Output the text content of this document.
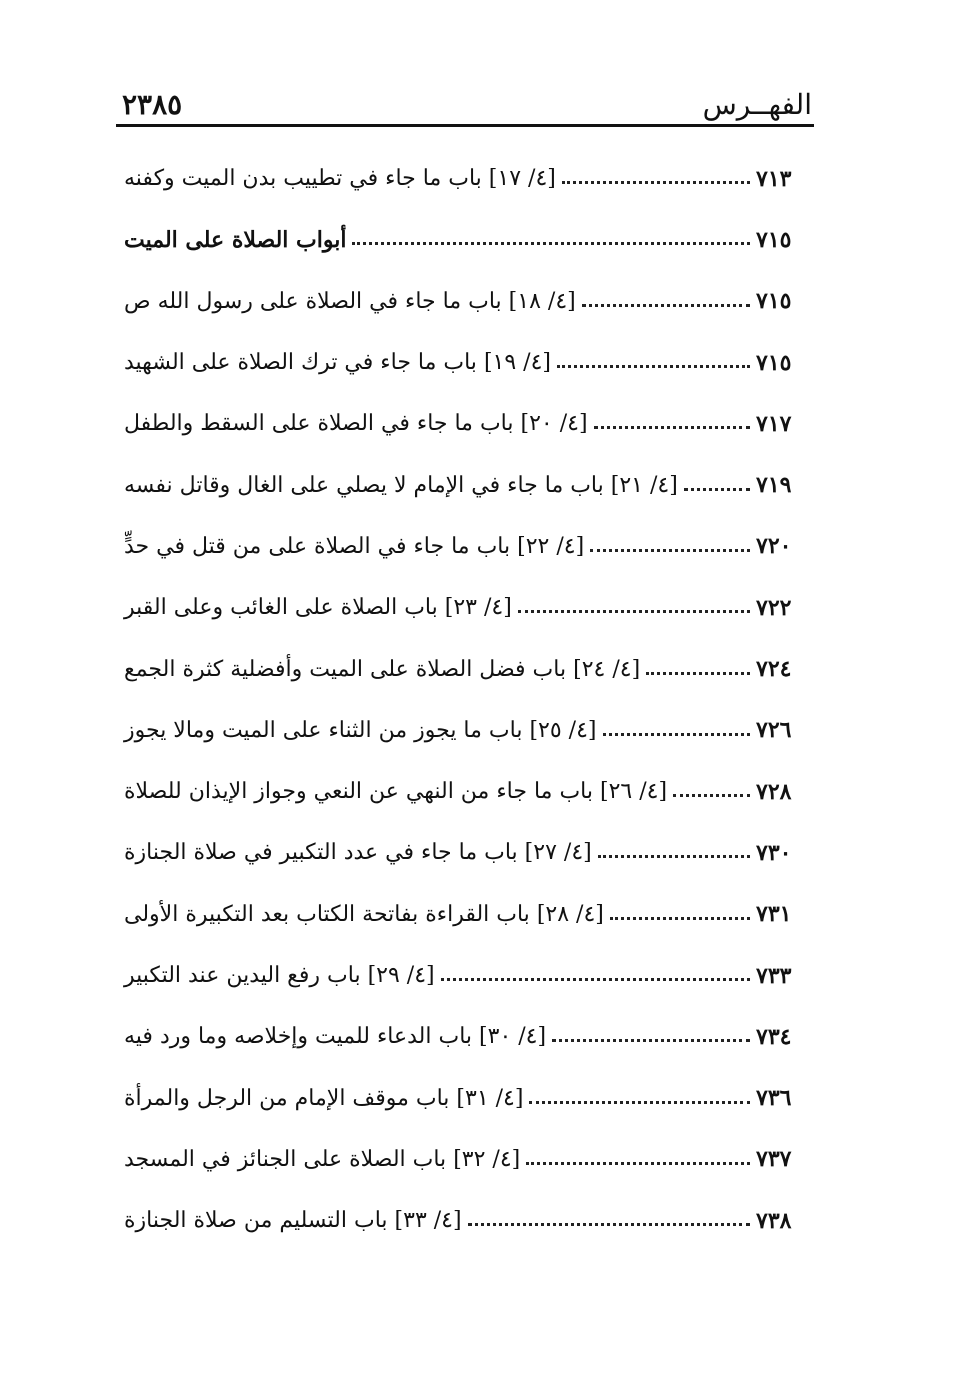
الفهــرس
٢٣٨٥
[٤/ ١٧] باب ما جاء في تطييب بدن الميت وكفنه	٧١٣
أبواب الصلاة على الميت	٧١٥
[٤/ ١٨] باب ما جاء في الصلاة على رسول الله ص	٧١٥
[٤/ ١٩] باب ما جاء في ترك الصلاة على الشهيد	٧١٥
[٤/ ٢٠] باب ما جاء في الصلاة على السقط والطفل	٧١٧
[٤/ ٢١] باب ما جاء في الإمام لا يصلي على الغال وقاتل نفسه	٧١٩
[٤/ ٢٢] باب ما جاء في الصلاة على من قتل في حدٍّ	٧٢٠
[٤/ ٢٣] باب الصلاة على الغائب وعلى القبر	٧٢٢
[٤/ ٢٤] باب فضل الصلاة على الميت وأفضلية كثرة الجمع	٧٢٤
[٤/ ٢٥] باب ما يجوز من الثناء على الميت ومالا يجوز	٧٢٦
[٤/ ٢٦] باب ما جاء من النهي عن النعي وجواز الإيذان للصلاة	٧٢٨
[٤/ ٢٧] باب ما جاء في عدد التكبير في صلاة الجنازة	٧٣٠
[٤/ ٢٨] باب القراءة بفاتحة الكتاب بعد التكبيرة الأولى	٧٣١
[٤/ ٢٩] باب رفع اليدين عند التكبير	٧٣٣
[٤/ ٣٠] باب الدعاء للميت وإخلاصه وما ورد فيه	٧٣٤
[٤/ ٣١] باب موقف الإمام من الرجل والمرأة	٧٣٦
[٤/ ٣٢] باب الصلاة على الجنائز في المسجد	٧٣٧
[٤/ ٣٣] باب التسليم من صلاة الجنازة	٧٣٨
